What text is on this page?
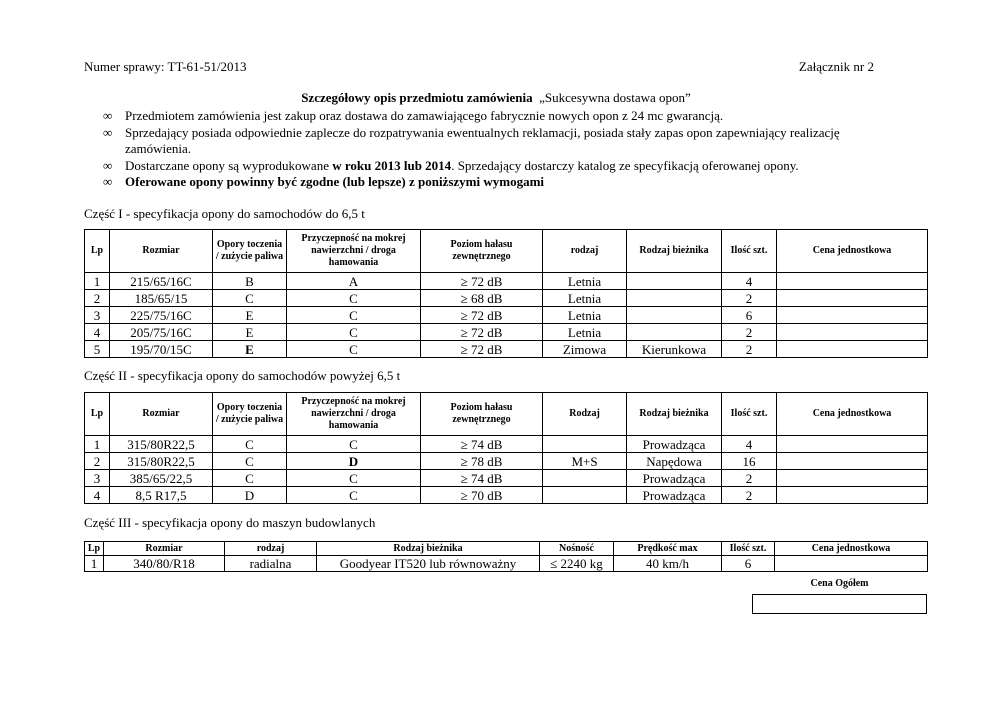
Numer sprawy: TT-61-51/2013	Załącznik nr 2
Szczegółowy opis przedmiotu zamówienia „Sukcesywna dostawa opon”
∞ Przedmiotem zamówienia jest zakup oraz dostawa do zamawiającego fabrycznie nowych opon z 24 mc gwarancją.
∞ Sprzedający posiada odpowiednie zaplecze do rozpatrywania ewentualnych reklamacji, posiada stały zapas opon zapewniający realizację zamówienia.
∞ Dostarczane opony są wyprodukowane w roku 2013 lub 2014. Sprzedający dostarczy katalog ze specyfikacją oferowanej opony.
∞ Oferowane opony powinny być zgodne (lub lepsze) z poniższymi wymogami
Część I - specyfikacja opony do samochodów do 6,5 t
Lp	Rozmiar	Opory toczenia / zużycie paliwa	Przyczepność na mokrej nawierzchni / droga hamowania	Poziom hałasu zewnętrznego	rodzaj	Rodzaj bieżnika	Ilość szt.	Cena jednostkowa
1	215/65/16C	B	A	≥ 72 dB	Letnia		4	
2	185/65/15	C	C	≥ 68 dB	Letnia		2	
3	225/75/16C	E	C	≥ 72 dB	Letnia		6	
4	205/75/16C	E	C	≥ 72 dB	Letnia		2	
5	195/70/15C	E	C	≥ 72 dB	Zimowa	Kierunkowa	2	
Część II - specyfikacja opony do samochodów powyżej 6,5 t
Lp	Rozmiar	Opory toczenia / zużycie paliwa	Przyczepność na mokrej nawierzchni / droga hamowania	Poziom hałasu zewnętrznego	Rodzaj	Rodzaj bieżnika	Ilość szt.	Cena jednostkowa
1	315/80R22,5	C	C	≥ 74 dB		Prowadząca	4	
2	315/80R22,5	C	D	≥ 78 dB	M+S	Napędowa	16	
3	385/65/22,5	C	C	≥ 74 dB		Prowadząca	2	
4	8,5 R17,5	D	C	≥ 70 dB		Prowadząca	2	
Część III - specyfikacja opony do maszyn budowlanych
Lp	Rozmiar	rodzaj	Rodzaj bieżnika	Nośność	Prędkość max	Ilość szt.	Cena jednostkowa
1	340/80/R18	radialna	Goodyear IT520 lub równoważny	≤ 2240 kg	40 km/h	6	
Cena Ogółem
